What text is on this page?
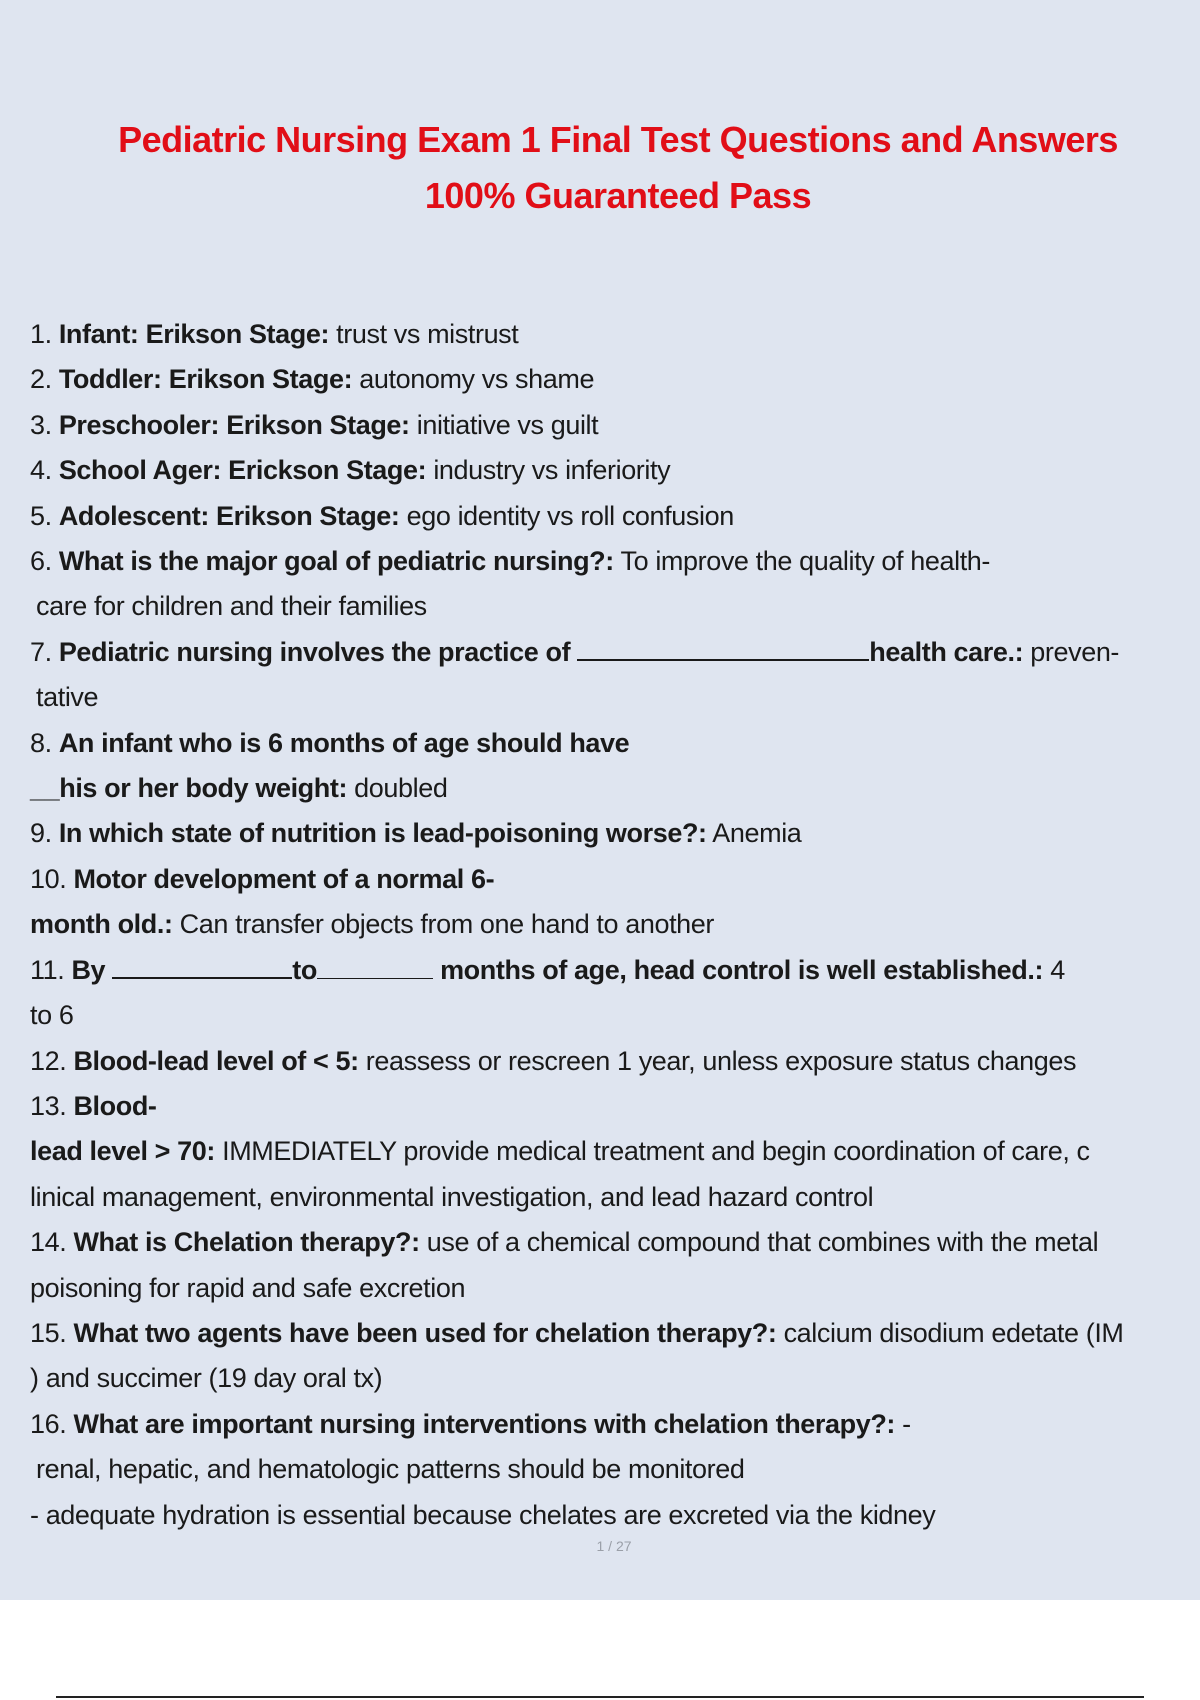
Pediatric Nursing Exam 1 Final Test Questions and Answers
100% Guaranteed Pass
1. Infant: Erikson Stage: trust vs mistrust
2. Toddler: Erikson Stage: autonomy vs shame
3. Preschooler: Erikson Stage: initiative vs guilt
4. School Ager: Erickson Stage: industry vs inferiority
5. Adolescent: Erikson Stage: ego identity vs roll confusion
6. What is the major goal of pediatric nursing?: To improve the quality of health-
care for children and their families
7. Pediatric nursing involves the practice of	health care.: preven-
tative
8. An infant who is 6 months of age should have
__his or her body weight: doubled
9. In which state of nutrition is lead-poisoning worse?: Anemia
10. Motor development of a normal 6-
month old.: Can transfer objects from one hand to another
11. By	to	months of age, head control is well established.: 4
to 6
12. Blood-lead level of < 5: reassess or rescreen 1 year, unless exposure status changes
13. Blood-
lead level > 70: IMMEDIATELY provide medical treatment and begin coordination of care, c
linical management, environmental investigation, and lead hazard control
14. What is Chelation therapy?: use of a chemical compound that combines with the metal
poisoning for rapid and safe excretion
15. What two agents have been used for chelation therapy?: calcium disodium edetate (IM
) and succimer (19 day oral tx)
16. What are important nursing interventions with chelation therapy?: -
renal, hepatic, and hematologic patterns should be monitored
- adequate hydration is essential because chelates are excreted via the kidney
1 / 27
